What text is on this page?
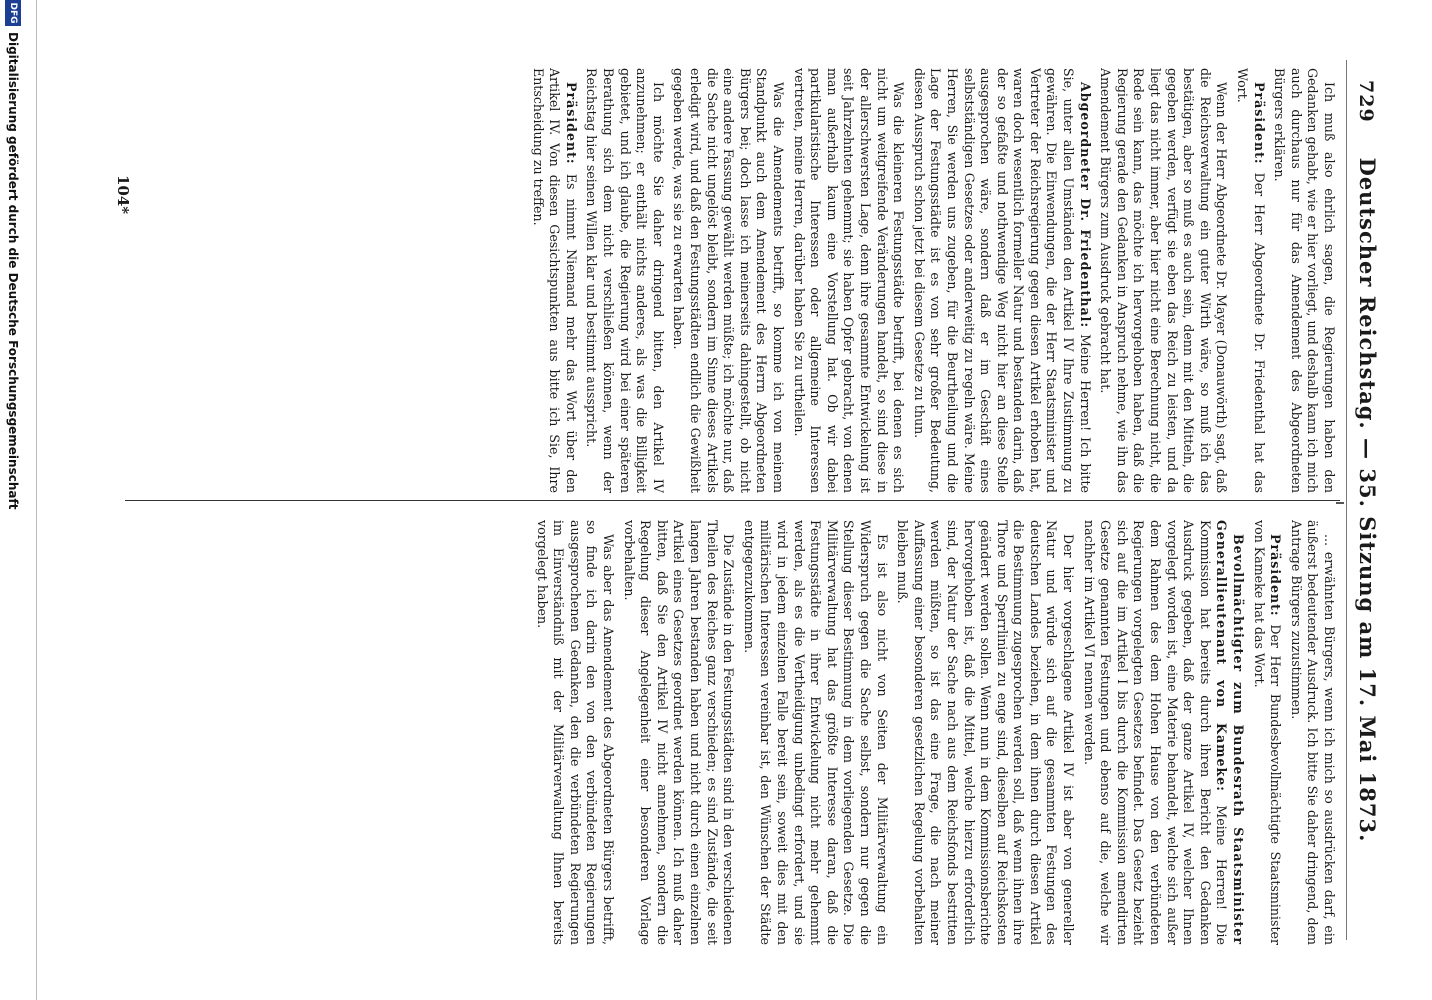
729
Deutscher Reichstag. — 35. Sitzung am 17. Mai 1873.

Ich muß also ehrlich sagen, die Regierungen haben den Gedanken gehabt, wie er hier vorliegt, und deshalb kann ich mich auch durchaus nur für das Amendement des Abgeordneten Bürgers erklären.

Präsident: Der Herr Abgeordnete Dr. Friedenthal hat das Wort.

Wenn der Herr Abgeordnete Dr. Mayer (Donauwörth) sagt, daß die Reichsverwaltung ein guter Wirth wäre, so muß ich das bestätigen, aber so muß es auch sein, denn mit den Mitteln, die gegeben werden, verfügt sie eben das Reich zu leisten, und da liegt das nicht immer, aber hier nicht eine Berechnung nicht, die Rede sein kann, das möchte ich hervorgehoben haben, daß die Regierung gerade den Gedanken in Anspruch nehme, wie ihn das Amendement Bürgers zum Ausdruck gebracht hat.

Abgeordneter Dr. Friedenthal: Meine Herren! Ich bitte Sie, unter allen Umständen den Artikel IV Ihre Zustimmung zu gewähren. Die Einwendungen, die der Herr Staatsminister und Vertreter der Reichsregierung gegen diesen Artikel erhoben hat, waren doch wesentlich formeller Natur und bestanden darin, daß der so gefaßte und nothwendige Weg nicht hier an diese Stelle ausgesprochen wäre, sondern daß er im Geschäft eines selbstständigen Gesetzes oder anderweitig zu regeln wäre. Meine Herren, Sie werden uns zugeben, für die Beurtheilung und die Lage der Festungsstädte ist es von sehr großer Bedeutung, diesen Ausspruch schon jetzt bei diesem Gesetze zu thun.

Was die kleineren Festungsstädte betrifft, bei denen es sich nicht um weitgreifende Veränderungen handelt, so sind diese in der allerschwersten Lage, denn ihre gesammte Entwickelung ist seit Jahrzehnten gehemmt; sie haben Opfer gebracht, von denen man außerhalb kaum eine Vorstellung hat. Ob wir dabei partikularistische Interessen oder allgemeine Interessen vertreten, meine Herren, darüber haben Sie zu urtheilen.

Was die Amendements betrifft, so komme ich von meinem Standpunkt auch dem Amendement des Herrn Abgeordneten Bürgers bei; doch lasse ich meinerseits dahingestellt, ob nicht eine andere Fassung gewählt werden müßte; ich möchte nur, daß die Sache nicht ungelöst bleibt, sondern im Sinne dieses Artikels erledigt wird, und daß den Festungsstädten endlich die Gewißheit gegeben werde, was sie zu erwarten haben.

Ich möchte Sie daher dringend bitten, den Artikel IV anzunehmen; er enthält nichts anderes, als was die Billigkeit gebietet, und ich glaube, die Regierung wird bei einer späteren Berathung sich dem nicht verschließen können, wenn der Reichstag hier seinen Willen klar und bestimmt ausspricht.

Präsident: Es nimmt Niemand mehr das Wort über den Artikel IV. Von diesen Gesichtspunkten aus bitte ich Sie, Ihre Entscheidung zu treffen.

... erwähnten Bürgers, wenn ich mich so ausdrücken darf, ein äußerst bedeutender Ausdruck. Ich bitte Sie daher dringend, dem Antrage Bürgers zuzustimmen.

Präsident: Der Herr Bundesbevollmächtigte Staatsminister von Kameke hat das Wort.

Bevollmächtigter zum Bundesrath Staatsminister Generallieutenant von Kameke: Meine Herren! Die Kommission hat bereits durch ihren Bericht den Gedanken Ausdruck gegeben, daß der ganze Artikel IV, welcher Ihnen vorgelegt worden ist, eine Materie behandelt, welche sich außer dem Rahmen des dem Hohen Hause von den verbündeten Regierungen vorgelegten Gesetzes befindet. Das Gesetz bezieht sich auf die im Artikel I bis durch die Kommission amendirten Gesetze genannten Festungen und ebenso auf die, welche wir nachher im Artikel VI nennen werden.

Der hier vorgeschlagene Artikel IV ist aber von genereller Natur und würde sich auf die gesammten Festungen des deutschen Landes beziehen, in dem ihnen durch diesen Artikel die Bestimmung zugesprochen werden soll, daß wenn ihnen ihre Thore und Sperrlinien zu enge sind, dieselben auf Reichskosten geändert werden sollen. Wenn nun in dem Kommissionsberichte hervorgehoben ist, daß die Mittel, welche hierzu erforderlich sind, der Natur der Sache nach aus dem Reichsfonds bestritten werden müßten, so ist das eine Frage, die nach meiner Auffassung einer besonderen gesetzlichen Regelung vorbehalten bleiben muß.

Es ist also nicht von Seiten der Militärverwaltung ein Widerspruch gegen die Sache selbst, sondern nur gegen die Stellung dieser Bestimmung in dem vorliegenden Gesetze. Die Militärverwaltung hat das größte Interesse daran, daß die Festungsstädte in ihrer Entwickelung nicht mehr gehemmt werden, als es die Vertheidigung unbedingt erfordert, und sie wird in jedem einzelnen Falle bereit sein, soweit dies mit den militärischen Interessen vereinbar ist, den Wünschen der Städte entgegenzukommen.

Die Zustände in den Festungsstädten sind in den verschiedenen Theilen des Reiches ganz verschieden; es sind Zustände, die seit langen Jahren bestanden haben und nicht durch einen einzelnen Artikel eines Gesetzes geordnet werden können. Ich muß daher bitten, daß Sie den Artikel IV nicht annehmen, sondern die Regelung dieser Angelegenheit einer besonderen Vorlage vorbehalten.

Was aber das Amendement des Abgeordneten Bürgers betrifft, so finde ich darin den von den verbündeten Regierungen ausgesprochenen Gedanken, den die verbündeten Regierungen im Einverständniß mit der Militärverwaltung Ihnen bereits vorgelegt haben.

104*
DFG
Digitalisierung gefördert durch die Deutsche Forschungsgemeinschaft
